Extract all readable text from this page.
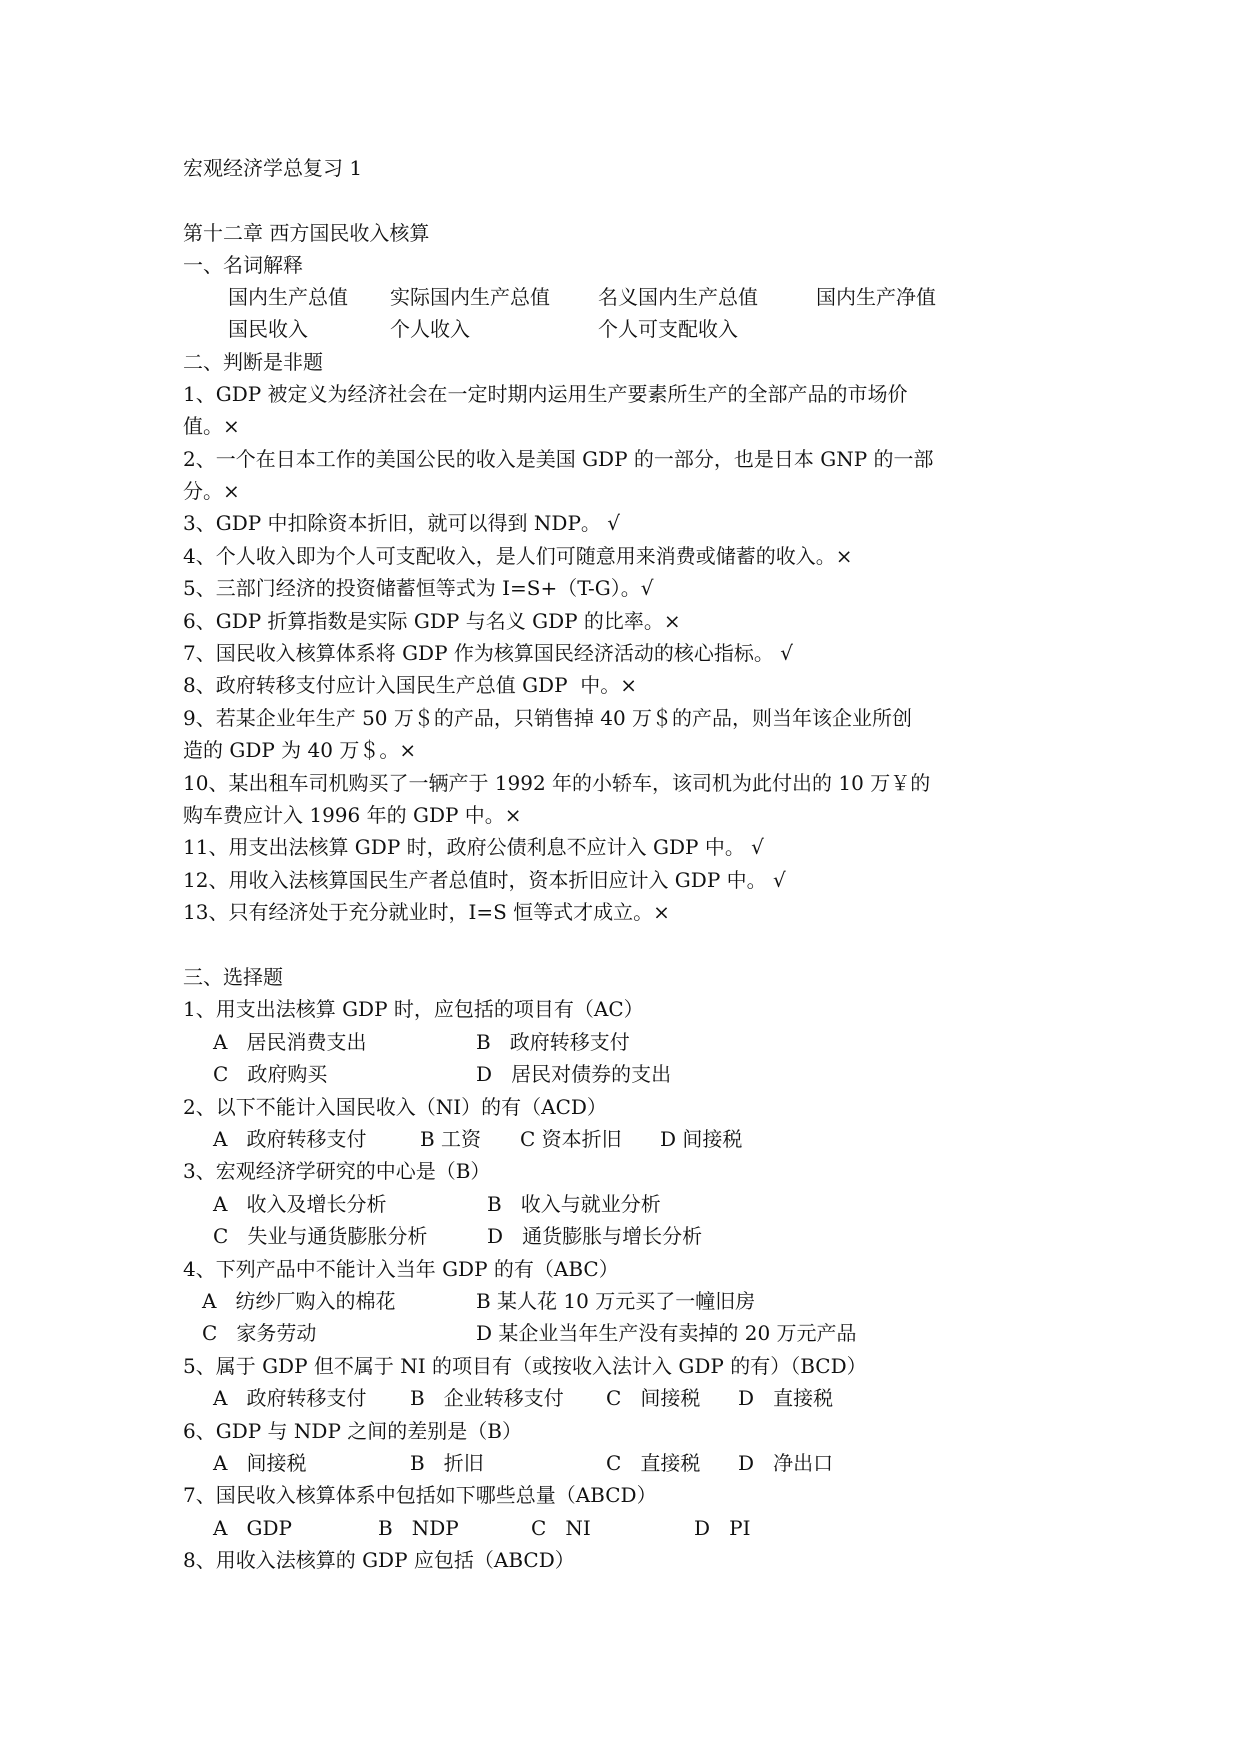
宏观经济学总复习 1
第十二章 西方国民收入核算
一、名词解释
国内生产总值 实际国内生产总值 名义国内生产总值	国内生产净值
国民收入	个人收入	个人可支配收入
二、判断是非题
1、GDP 被定义为经济社会在一定时期内运用生产要素所生产的全部产品的市场价
值。×
2、一个在日本工作的美国公民的收入是美国 GDP 的一部分，也是日本 GNP 的一部
分。×
3、GDP 中扣除资本折旧，就可以得到 NDP。 √
4、个人收入即为个人可支配收入，是人们可随意用来消费或储蓄的收入。×
5、三部门经济的投资储蓄恒等式为 I=S+（T-G）。√
6、GDP 折算指数是实际 GDP 与名义 GDP 的比率。×
7、国民收入核算体系将 GDP 作为核算国民经济活动的核心指标。 √
8、政府转移支付应计入国民生产总值 GDP  中。×
9、若某企业年生产 50 万＄的产品，只销售掉 40 万＄的产品，则当年该企业所创
造的 GDP 为 40 万＄。×
10、某出租车司机购买了一辆产于 1992 年的小轿车，该司机为此付出的 10 万￥的
购车费应计入 1996 年的 GDP 中。×
11、用支出法核算 GDP 时，政府公债利息不应计入 GDP 中。 √
12、用收入法核算国民生产者总值时，资本折旧应计入 GDP 中。 √
13、只有经济处于充分就业时，I=S 恒等式才成立。×
三、选择题
1、用支出法核算 GDP 时，应包括的项目有（AC）
A   居民消费支出	B   政府转移支付
C   政府购买	D   居民对债券的支出
2、以下不能计入国民收入（NI）的有（ACD）
A   政府转移支付	B 工资 C 资本折旧 D 间接税
3、宏观经济学研究的中心是（B）
A   收入及增长分析	B   收入与就业分析
C   失业与通货膨胀分析	D   通货膨胀与增长分析
4、下列产品中不能计入当年 GDP 的有（ABC）
A   纺纱厂购入的棉花	B 某人花 10 万元买了一幢旧房
C   家务劳动	D 某企业当年生产没有卖掉的 20 万元产品
5、属于 GDP 但不属于 NI 的项目有（或按收入法计入 GDP 的有）（BCD）
A   政府转移支付 B   企业转移支付 C   间接税 D   直接税
6、GDP 与 NDP 之间的差别是（B）
A   间接税	B   折旧	C   直接税 D   净出口
7、国民收入核算体系中包括如下哪些总量（ABCD）
A   GDP	B   NDP	C   NI	D   PI
8、用收入法核算的 GDP 应包括（ABCD）
